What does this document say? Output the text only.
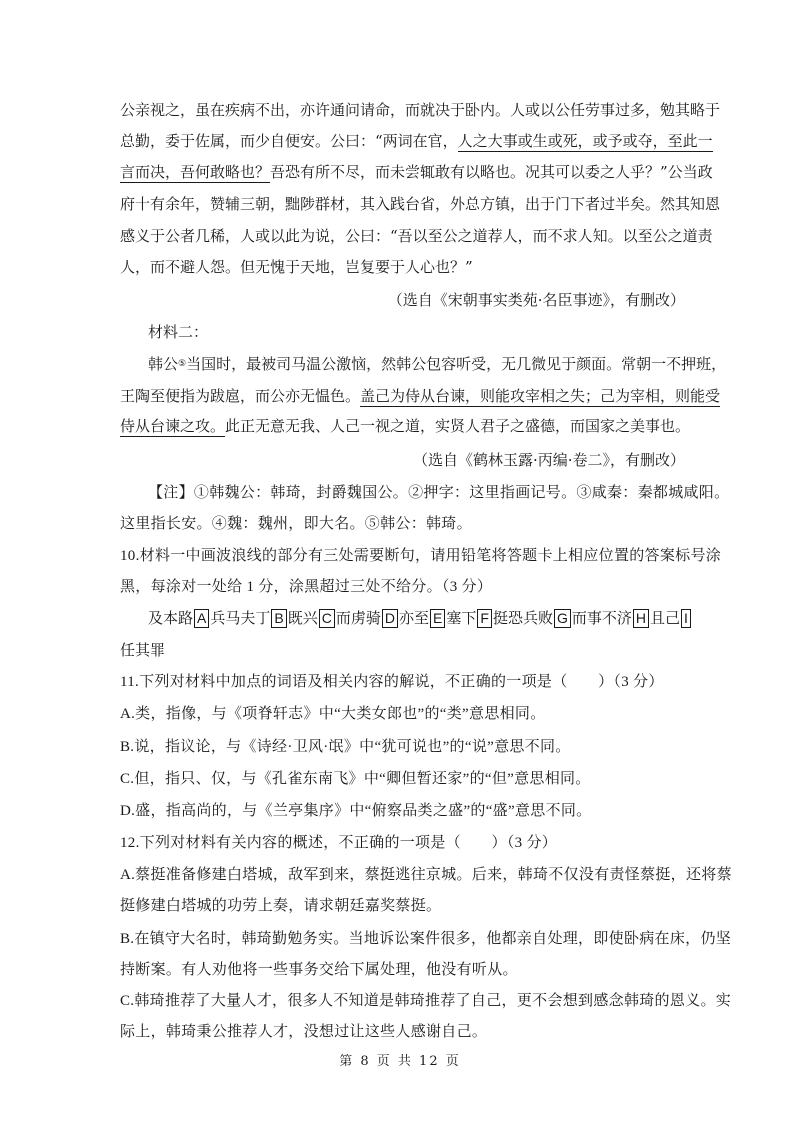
公亲视之，虽在疾病不出，亦许通问请命，而就决于卧内。人或以公任劳事过多，勉其略于
总勤，委于佐属，而少自便安。公曰：“两词在官，人之大事或生或死，或予或夺，至此一
言而决，吾何敢略也？吾恐有所不尽，而未尝辄敢有以略也。况其可以委之人乎？”公当政
府十有余年，赞辅三朝，黜陟群材，其入践台省，外总方镇，出于门下者过半矣。然其知恩
感义于公者几稀，人或以此为说，公曰：“吾以至公之道荐人，而不求人知。以至公之道责
人，而不避人怨。但无愧于天地，岂复要于人心也？”
（选自《宋朝事实类苑·名臣事迹》，有删改）
材料二：
韩公⑤当国时，最被司马温公激恼，然韩公包容听受，无几微见于颜面。常朝一不押班，
王陶至便指为跋扈，而公亦无愠色。盖己为侍从台谏，则能攻宰相之失；己为宰相，则能受
侍从台谏之攻。此正无意无我、人己一视之道，实贤人君子之盛德，而国家之美事也。
（选自《鹤林玉露·丙编·卷二》，有删改）
【注】①韩魏公：韩琦，封爵魏国公。②押字：这里指画记号。③咸秦：秦都城咸阳。
这里指长安。④魏：魏州，即大名。⑤韩公：韩琦。
10.材料一中画波浪线的部分有三处需要断句，请用铅笔将答题卡上相应位置的答案标号涂
黑，每涂对一处给 1 分，涂黑超过三处不给分。（3 分）
及本路 A 兵马夫丁 B 既兴 C 而虏骑 D 亦至 E 塞下 F 挺恐兵败 G 而事不济 H 且己 I
任其罪
11.下列对材料中加点的词语及相关内容的解说，不正确的一项是（　　）（3 分）
A.类，指像，与《项脊轩志》中“大类女郎也”的“类”意思相同。
B.说，指议论，与《诗经·卫风·氓》中“犹可说也”的“说”意思不同。
C.但，指只、仅，与《孔雀东南飞》中“卿但暂还家”的“但”意思相同。
D.盛，指高尚的，与《兰亭集序》中“俯察品类之盛”的“盛”意思不同。
12.下列对材料有关内容的概述，不正确的一项是（　　）（3 分）
A.蔡挺准备修建白塔城，敌军到来，蔡挺逃往京城。后来，韩琦不仅没有责怪蔡挺，还将蔡
挺修建白塔城的功劳上奏，请求朝廷嘉奖蔡挺。
B.在镇守大名时，韩琦勤勉务实。当地诉讼案件很多，他都亲自处理，即使卧病在床，仍坚
持断案。有人劝他将一些事务交给下属处理，他没有听从。
C.韩琦推荐了大量人才，很多人不知道是韩琦推荐了自己，更不会想到感念韩琦的恩义。实
际上，韩琦秉公推荐人才，没想过让这些人感谢自己。
第 8 页 共 12 页
